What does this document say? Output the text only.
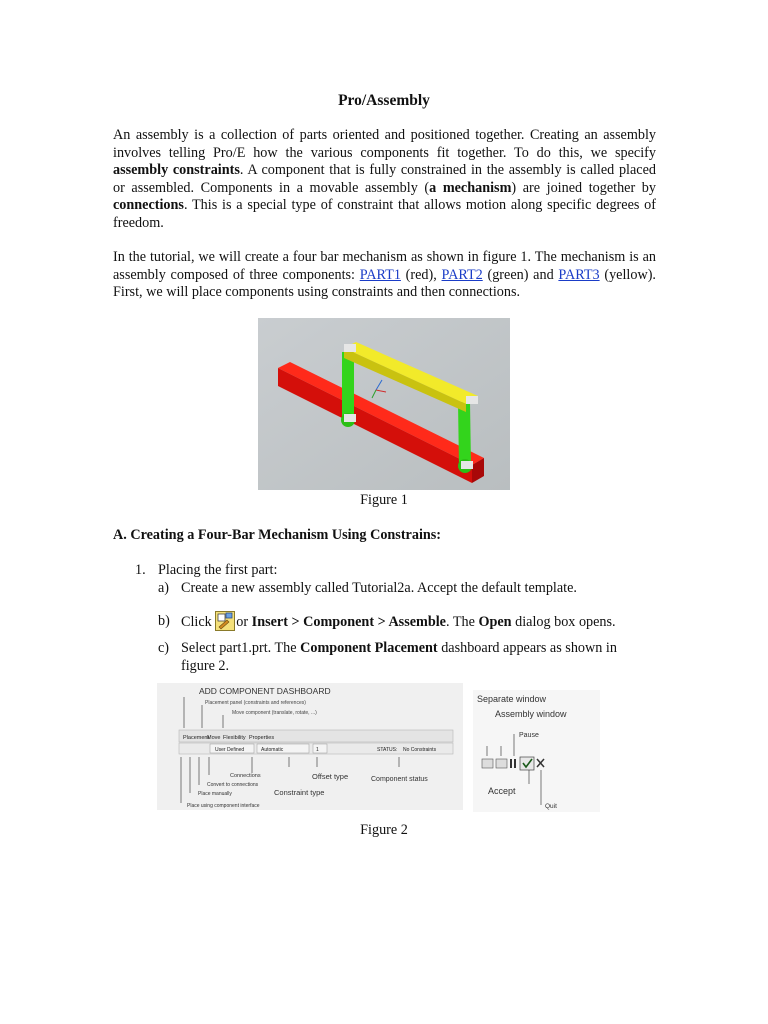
Pro/Assembly

An assembly is a collection of parts oriented and positioned together. Creating an assembly involves telling Pro/E how the various components fit together. To do this, we specify assembly constraints. A component that is fully constrained in the assembly is called placed or assembled. Components in a movable assembly (a mechanism) are joined together by connections. This is a special type of constraint that allows motion along specific degrees of freedom.

In the tutorial, we will create a four bar mechanism as shown in figure 1. The mechanism is an assembly composed of three components: PART1 (red), PART2 (green) and PART3 (yellow). First, we will place components using constraints and then connections.

Figure 1
A. Creating a Four-Bar Mechanism Using Constrains:
1. Placing the first part:
a) Create a new assembly called Tutorial2a. Accept the default template.
b) Click or Insert > Component > Assemble. The Open dialog box opens.
c) Select part1.prt. The Component Placement dashboard appears as shown in figure 2.
ADD COMPONENT DASHBOARD
Placement panel (constraints and references)
Move component (translate, rotate, ...)
Placement
Move Flexibility Properties
User Defined	Automatic	1	STATUS: No Constraints
Connections
Convert to connections
Place manually
Place using component interface
Offset type
Constraint type
Component status
Separate window
Assembly window
Pause
Accept
Quit
Figure 2
